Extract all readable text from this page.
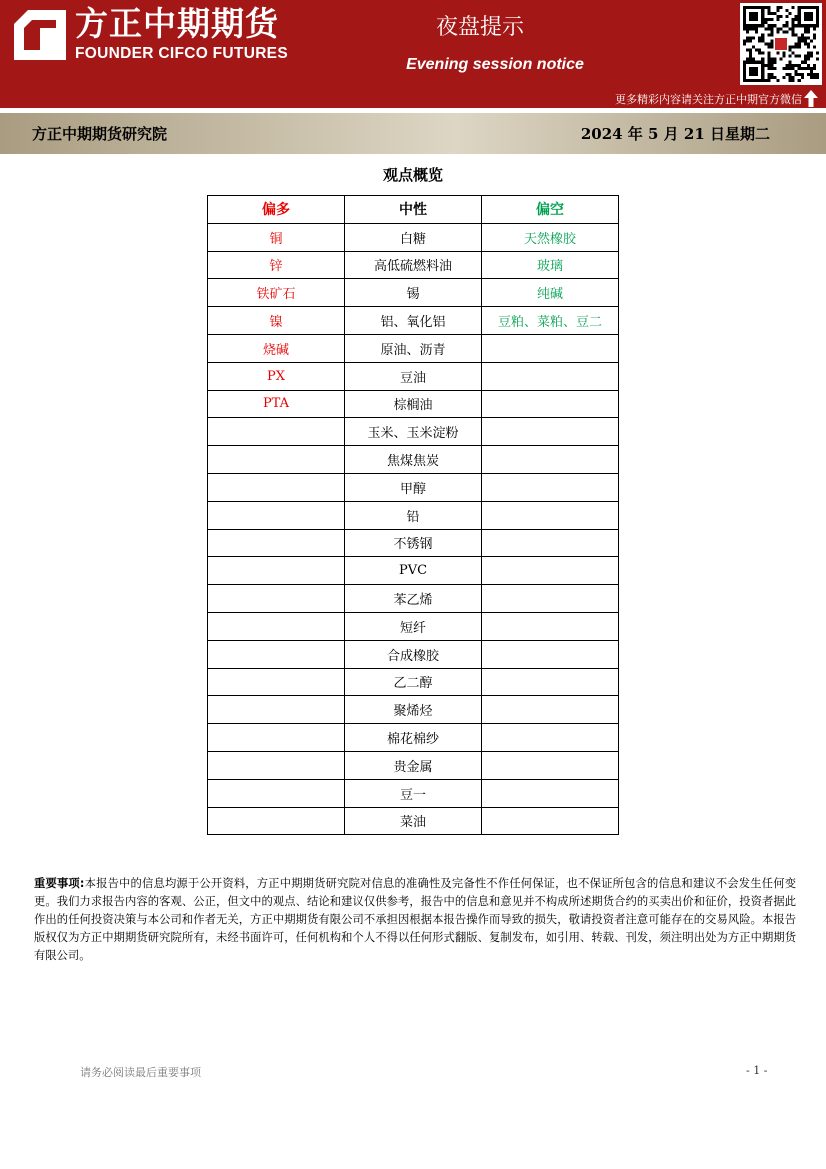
方正中期期货
FOUNDER CIFCO FUTURES
夜盘提示
Evening session notice
更多精彩内容请关注方正中期官方微信
方正中期期货研究院	2024 年 5 月 21 日星期二
观点概览
偏多	中性	偏空
铜	白糖	天然橡胶
锌	高低硫燃料油	玻璃
铁矿石	锡	纯碱
镍	铝、氧化铝	豆粕、菜粕、豆二
烧碱	原油、沥青	
PX	豆油	
PTA	棕榈油	
	玉米、玉米淀粉	
	焦煤焦炭	
	甲醇	
	铅	
	不锈钢	
	PVC	
	苯乙烯	
	短纤	
	合成橡胶	
	乙二醇	
	聚烯烃	
	棉花棉纱	
	贵金属	
	豆一	
	菜油	
重要事项:本报告中的信息均源于公开资料，方正中期期货研究院对信息的准确性及完备性不作任何保证，也不保证所包含的信息和建议不会发生任何变更。我们力求报告内容的客观、公正，但文中的观点、结论和建议仅供参考，报告中的信息和意见并不构成所述期货合约的买卖出价和征价，投资者据此作出的任何投资决策与本公司和作者无关，方正中期期货有限公司不承担因根据本报告操作而导致的损失，敬请投资者注意可能存在的交易风险。本报告版权仅为方正中期期货研究院所有，未经书面许可，任何机构和个人不得以任何形式翻版、复制发布，如引用、转载、刊发，须注明出处为方正中期期货有限公司。
请务必阅读最后重要事项	- 1 -
